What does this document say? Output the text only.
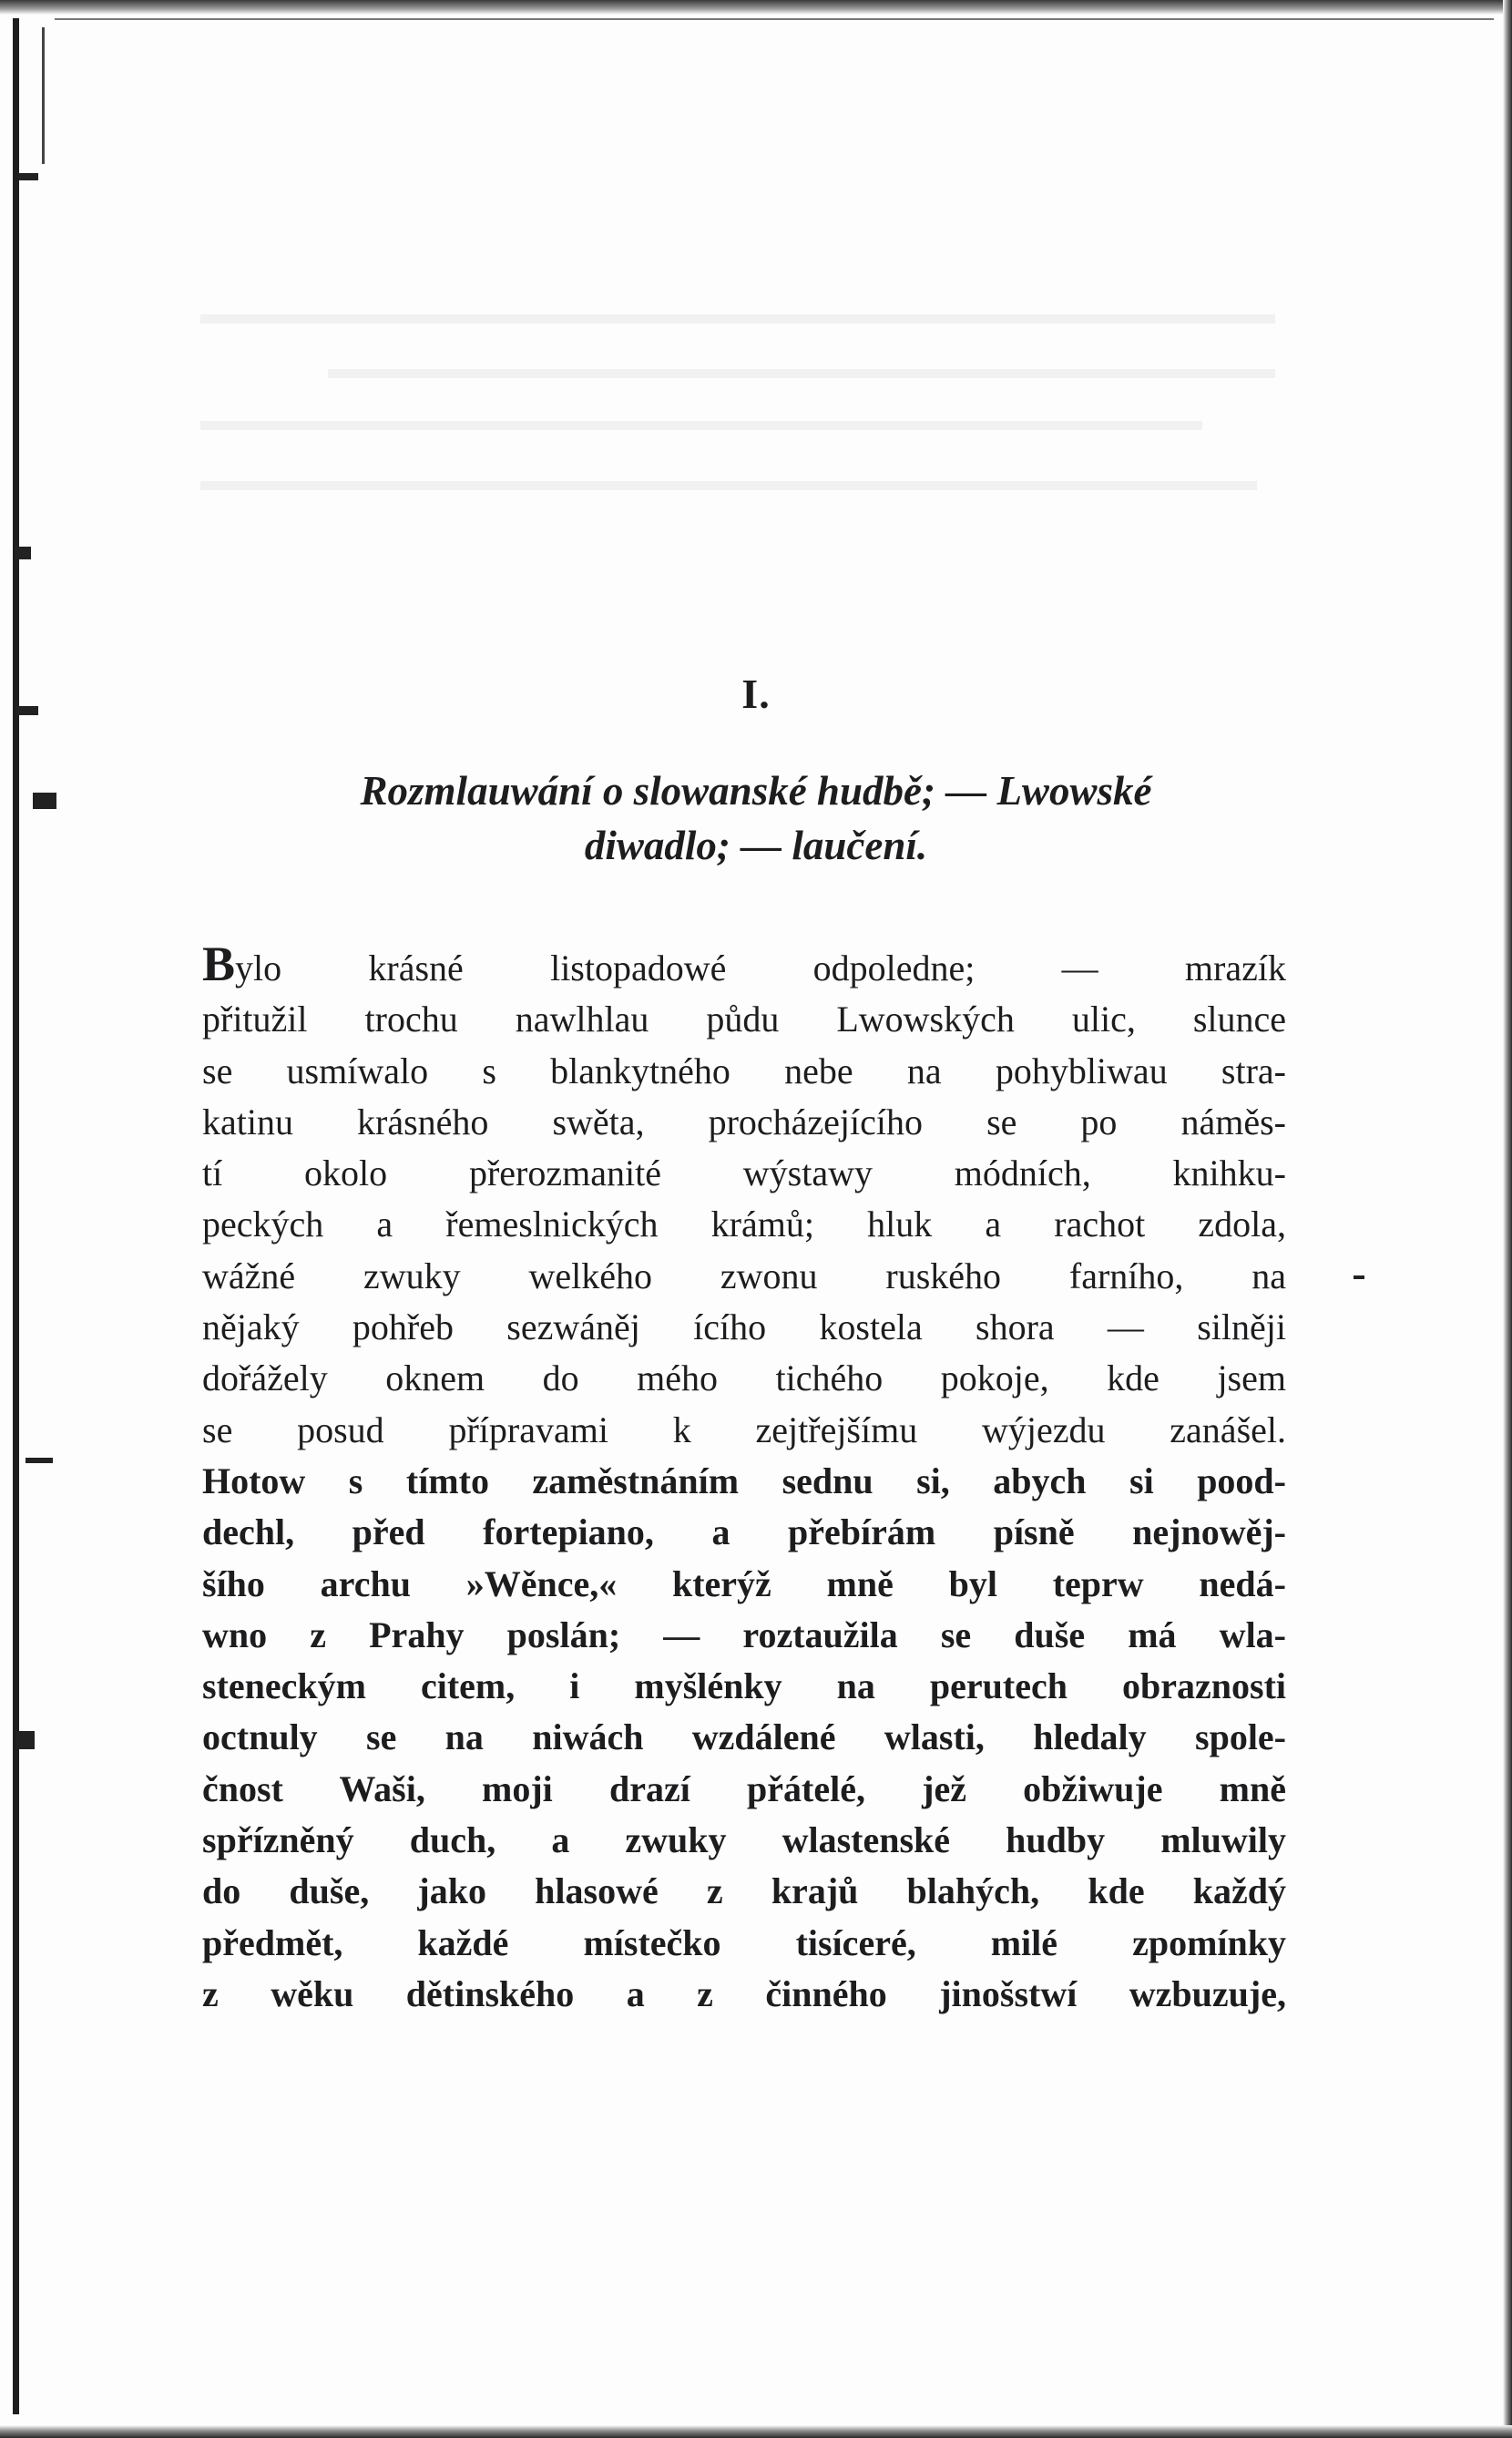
I.
Rozmlauwání o slowanské hudbě; — Lwowské
diwadlo; — laučení.
Bylo krásné listopadowé odpoledne; — mrazík
přitužil trochu nawlhlau půdu Lwowských ulic, slunce
se usmíwalo s blankytného nebe na pohybliwau stra-
katinu krásného swěta, procházejícího se po náměs-
tí okolo přerozmanité wýstawy módních, knihku-
peckých a řemeslnických krámů; hluk a rachot zdola,
wážné zwuky welkého zwonu ruského farního, na
nějaký pohřeb sezwáněj ícího kostela shora — silněji
dořážely oknem do mého tichého pokoje, kde jsem
se posud přípravami k zejtřejšímu wýjezdu zanášel.
Hotow s tímto zaměstnáním sednu si, abych si pood-
dechl, před fortepiano, a přebírám písně nejnowěj-
šího archu »Wěnce,« kterýž mně byl teprw nedá-
wno z Prahy poslán; — roztaužila se duše má wla-
steneckým citem, i myšlénky na perutech obraznosti
octnuly se na niwách wzdálené wlasti, hledaly spole-
čnost Waši, moji drazí přátelé, jež obžiwuje mně
spřízněný duch, a zwuky wlastenské hudby mluwily
do duše, jako hlasowé z krajů blahých, kde každý
předmět, každé místečko tisíceré, milé zpomínky
z wěku dětinského a z činného jinošstwí wzbuzuje,
